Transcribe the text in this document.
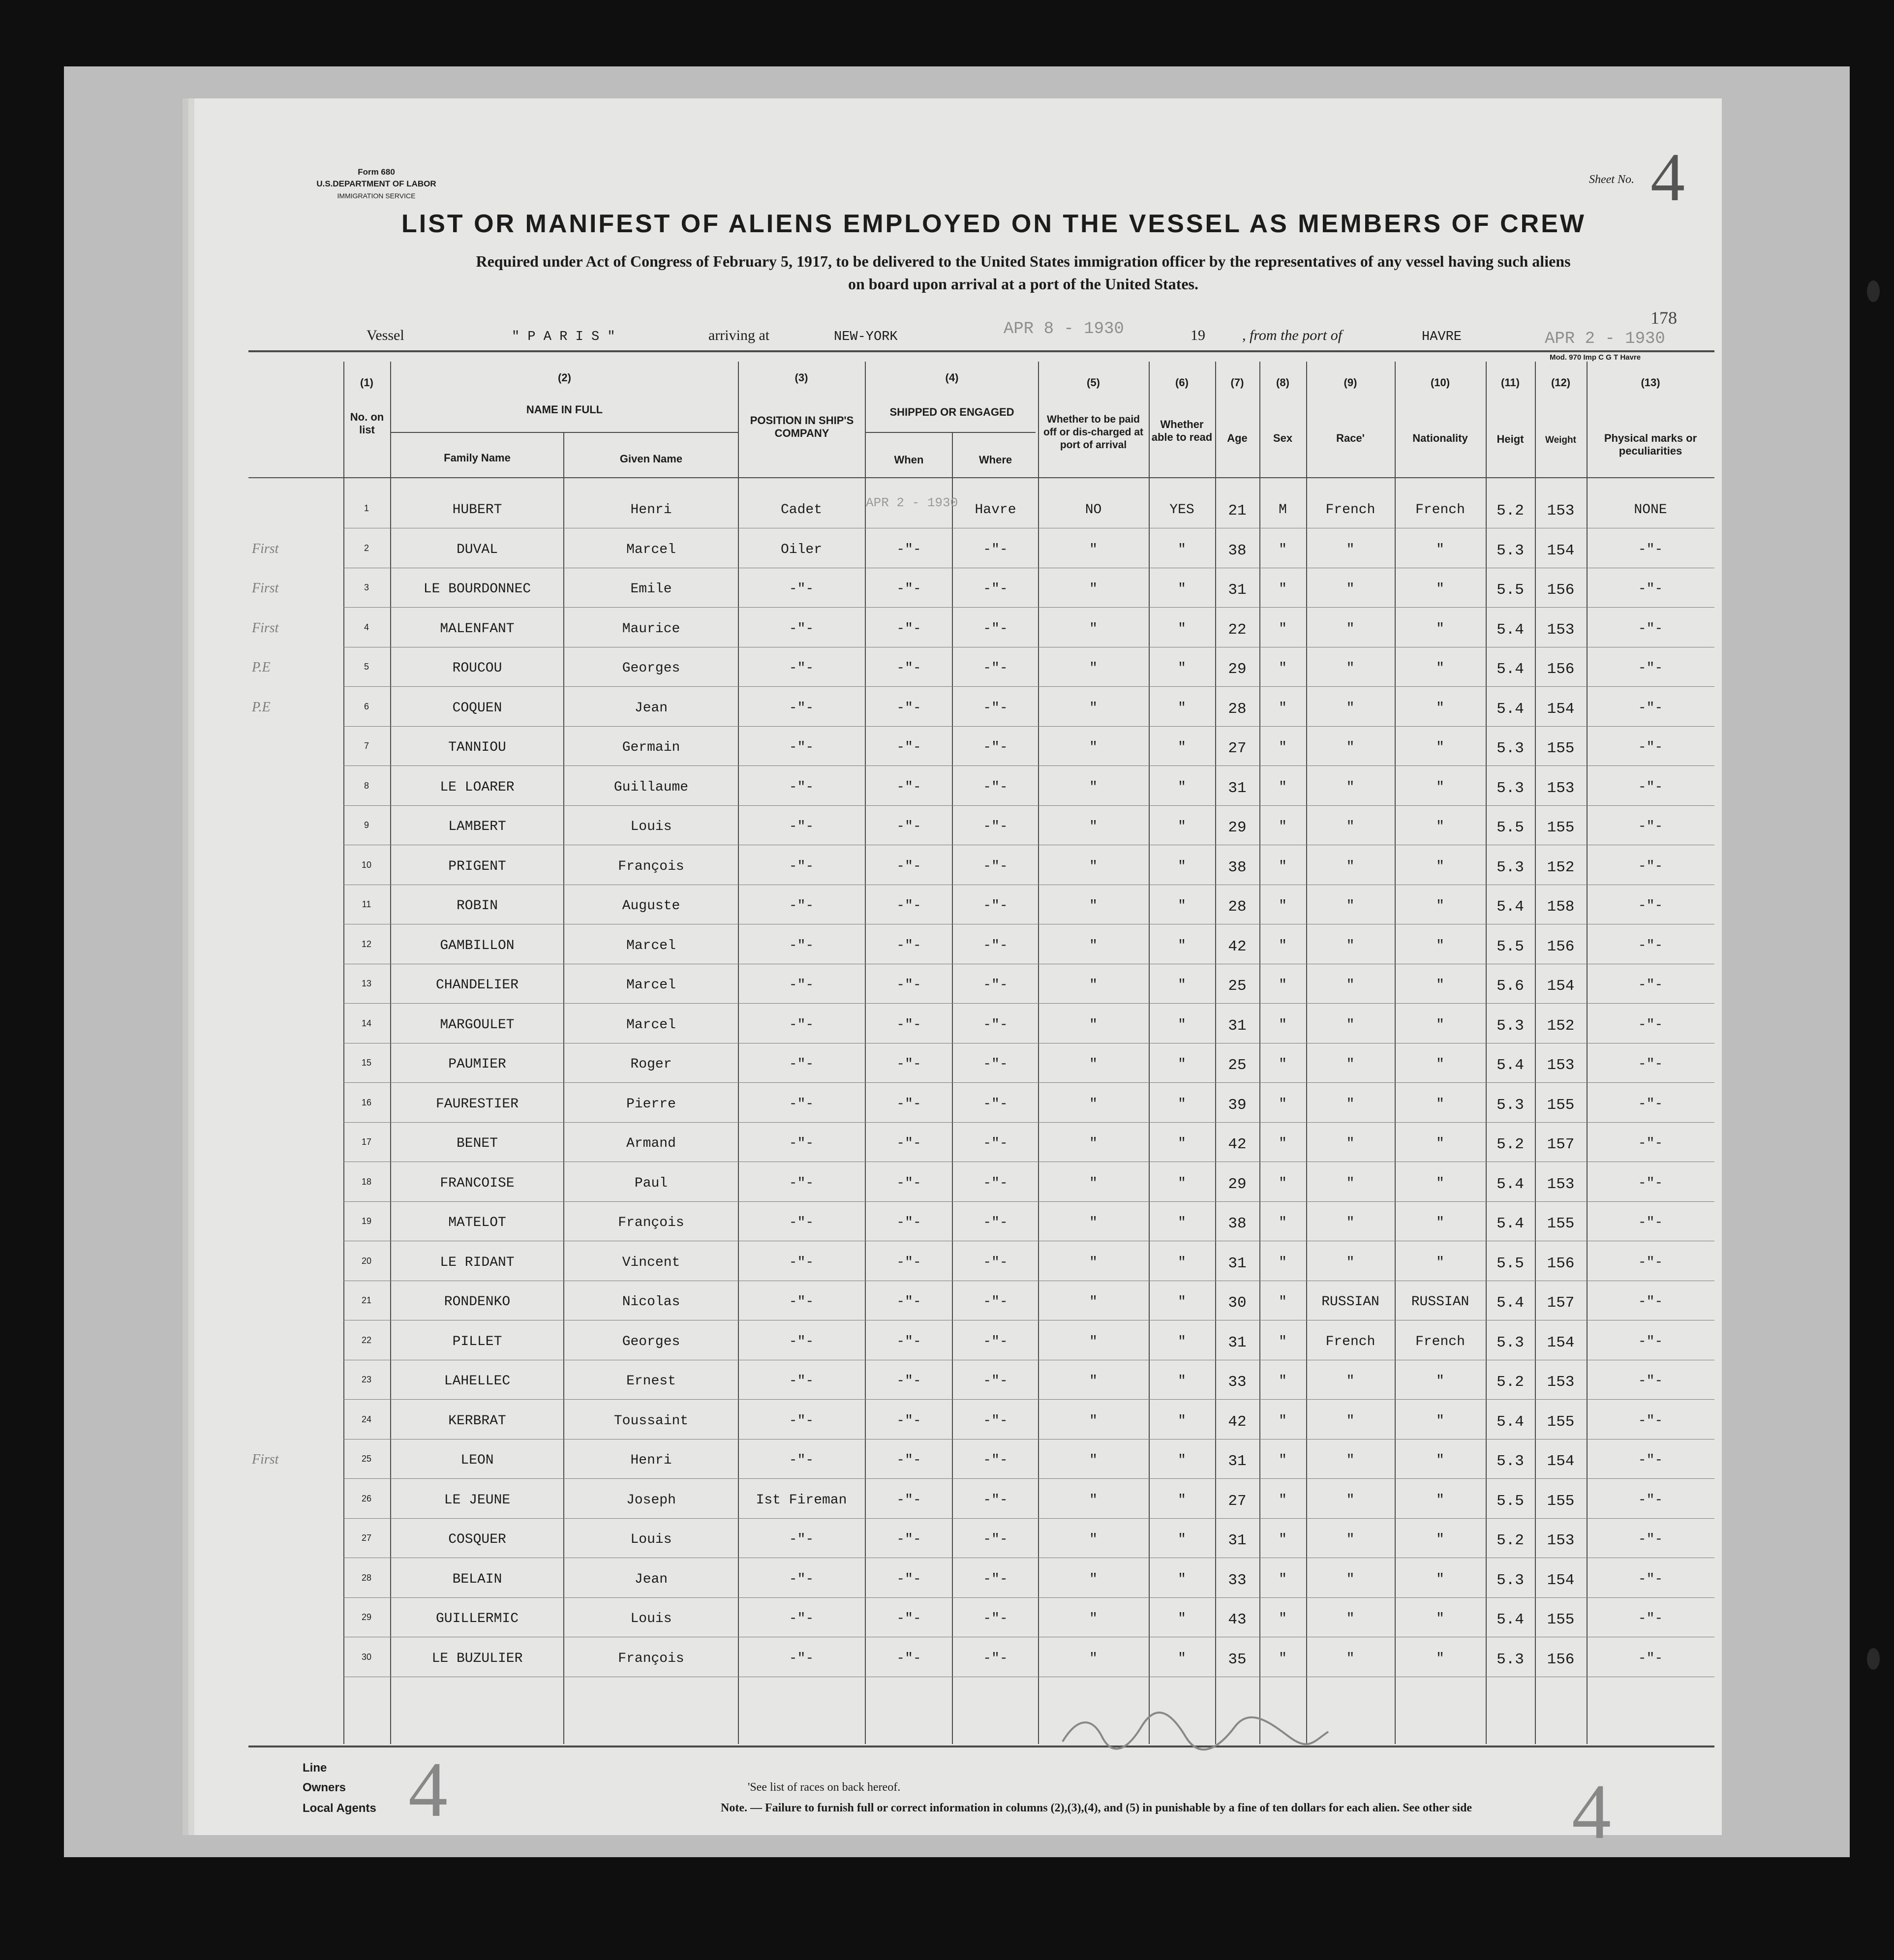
Form 680
U.S.DEPARTMENT OF LABOR
IMMIGRATION SERVICE
Sheet No. 4
LIST OR MANIFEST OF ALIENS EMPLOYED ON THE VESSEL AS MEMBERS OF CREW
Required under Act of Congress of February 5, 1917, to be delivered to the United States immigration officer by the representatives of any vessel having such aliens
on board upon arrival at a port of the United States.
Vessel	" P A R I S "	arriving at	NEW-YORK	APR 8 - 1930	19	, from the port of	HAVRE	APR 2 - 1930
178
Mod. 970 Imp C G T Havre
(1)	(2)	(3)	(4)	(5)	(6)	(7)	(8)	(9)	(10)	(11)	(12)	(13)
No. on list
NAME IN FULL
Family Name	Given Name
POSITION IN SHIP'S COMPANY
SHIPPED OR ENGAGED
When	Where
Whether to be paid off or dis-charged at port of arrival
Whether able to read	Age	Sex	Race'	Nationality	Heigt	Weight	Physical marks or peculiarities
1	HUBERT	Henri	Cadet	APR 2 - 1930	Havre	NO	YES	21	M	French	French	5.2	153	NONE
First	2	DUVAL	Marcel	Oiler	-"-	-"-	"	"	38	"	"	"	5.3	154	-"-
First	3	LE BOURDONNEC	Emile	-"-	-"-	-"-	"	"	31	"	"	"	5.5	156	-"-
First	4	MALENFANT	Maurice	-"-	-"-	-"-	"	"	22	"	"	"	5.4	153	-"-
P.E	5	ROUCOU	Georges	-"-	-"-	-"-	"	"	29	"	"	"	5.4	156	-"-
P.E	6	COQUEN	Jean	-"-	-"-	-"-	"	"	28	"	"	"	5.4	154	-"-
7	TANNIOU	Germain	-"-	-"-	-"-	"	"	27	"	"	"	5.3	155	-"-
8	LE LOARER	Guillaume	-"-	-"-	-"-	"	"	31	"	"	"	5.3	153	-"-
9	LAMBERT	Louis	-"-	-"-	-"-	"	"	29	"	"	"	5.5	155	-"-
10	PRIGENT	François	-"-	-"-	-"-	"	"	38	"	"	"	5.3	152	-"-
11	ROBIN	Auguste	-"-	-"-	-"-	"	"	28	"	"	"	5.4	158	-"-
12	GAMBILLON	Marcel	-"-	-"-	-"-	"	"	42	"	"	"	5.5	156	-"-
13	CHANDELIER	Marcel	-"-	-"-	-"-	"	"	25	"	"	"	5.6	154	-"-
14	MARGOULET	Marcel	-"-	-"-	-"-	"	"	31	"	"	"	5.3	152	-"-
15	PAUMIER	Roger	-"-	-"-	-"-	"	"	25	"	"	"	5.4	153	-"-
16	FAURESTIER	Pierre	-"-	-"-	-"-	"	"	39	"	"	"	5.3	155	-"-
17	BENET	Armand	-"-	-"-	-"-	"	"	42	"	"	"	5.2	157	-"-
18	FRANCOISE	Paul	-"-	-"-	-"-	"	"	29	"	"	"	5.4	153	-"-
19	MATELOT	François	-"-	-"-	-"-	"	"	38	"	"	"	5.4	155	-"-
20	LE RIDANT	Vincent	-"-	-"-	-"-	"	"	31	"	"	"	5.5	156	-"-
21	RONDENKO	Nicolas	-"-	-"-	-"-	"	"	30	"	RUSSIAN	RUSSIAN	5.4	157	-"-
22	PILLET	Georges	-"-	-"-	-"-	"	"	31	"	French	French	5.3	154	-"-
23	LAHELLEC	Ernest	-"-	-"-	-"-	"	"	33	"	"	"	5.2	153	-"-
24	KERBRAT	Toussaint	-"-	-"-	-"-	"	"	42	"	"	"	5.4	155	-"-
First	25	LEON	Henri	-"-	-"-	-"-	"	"	31	"	"	"	5.3	154	-"-
26	LE JEUNE	Joseph	Ist Fireman	-"-	-"-	"	"	27	"	"	"	5.5	155	-"-
27	COSQUER	Louis	-"-	-"-	-"-	"	"	31	"	"	"	5.2	153	-"-
28	BELAIN	Jean	-"-	-"-	-"-	"	"	33	"	"	"	5.3	154	-"-
29	GUILLERMIC	Louis	-"-	-"-	-"-	"	"	43	"	"	"	5.4	155	-"-
30	LE BUZULIER	François	-"-	-"-	-"-	"	"	35	"	"	"	5.3	156	-"-
Line
Owners
Local Agents 4	'See list of races on back hereof.
Note. — Failure to furnish full or correct information in columns (2),(3),(4), and (5) in punishable by a fine of ten dollars for each alien. See other side	4
